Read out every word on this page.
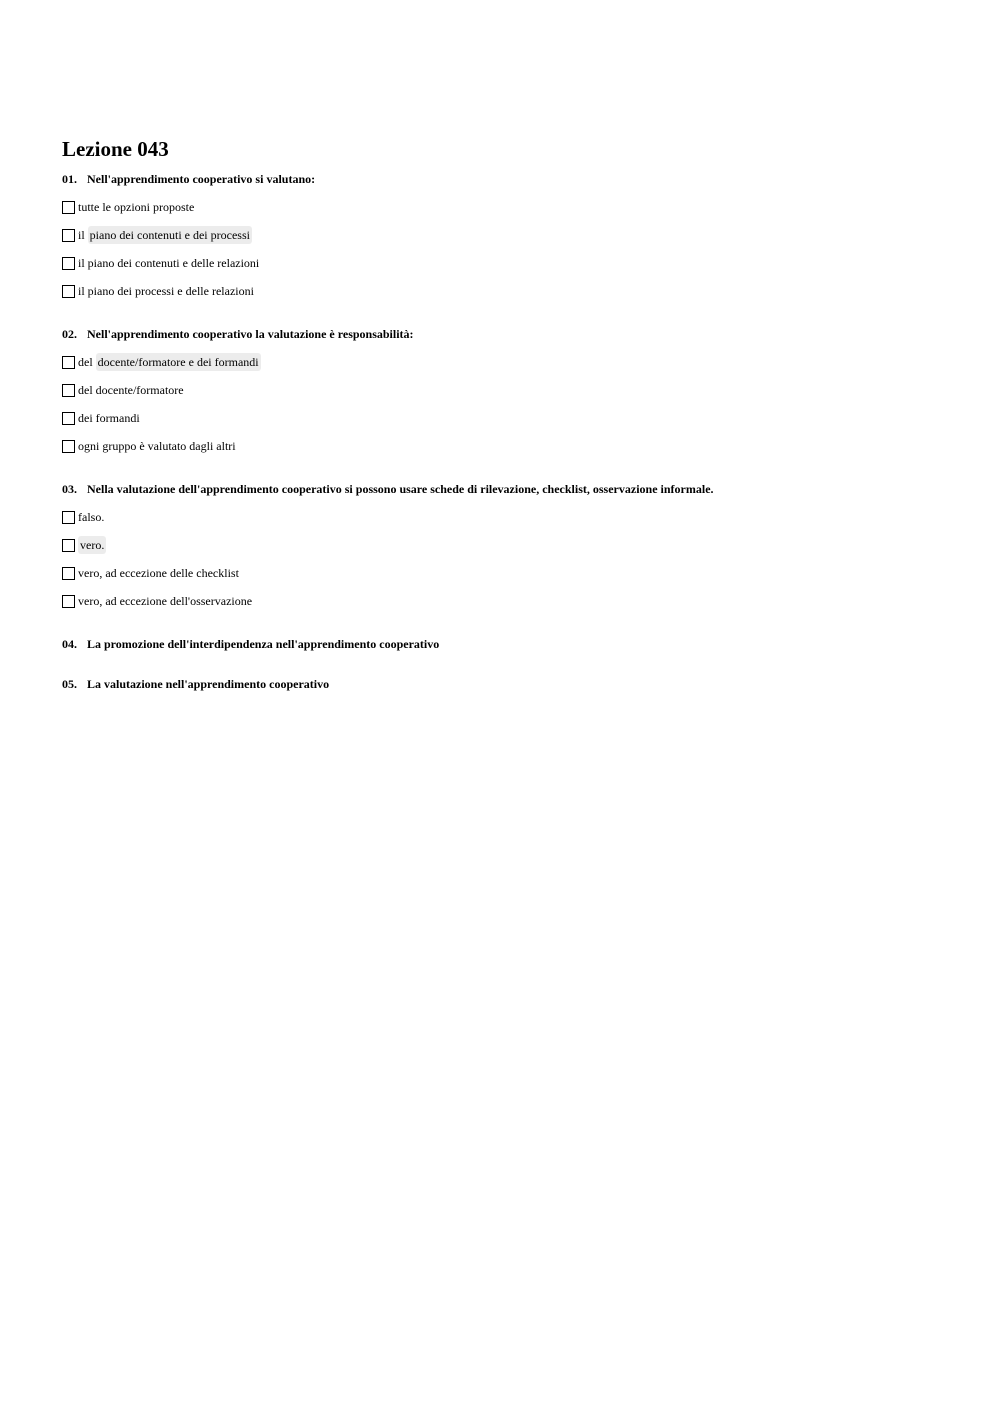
Lezione 043
01. Nell'apprendimento cooperativo si valutano:
tutte le opzioni proposte
il piano dei contenuti e dei processi
il piano dei contenuti e delle relazioni
il piano dei processi e delle relazioni
02. Nell'apprendimento cooperativo la valutazione è responsabilità:
del docente/formatore e dei formandi
del docente/formatore
dei formandi
ogni gruppo è valutato dagli altri
03. Nella valutazione dell'apprendimento cooperativo si possono usare schede di rilevazione, checklist, osservazione informale.
falso.
vero.
vero, ad eccezione delle checklist
vero, ad eccezione dell'osservazione
04. La promozione dell'interdipendenza nell'apprendimento cooperativo
05. La valutazione nell'apprendimento cooperativo
